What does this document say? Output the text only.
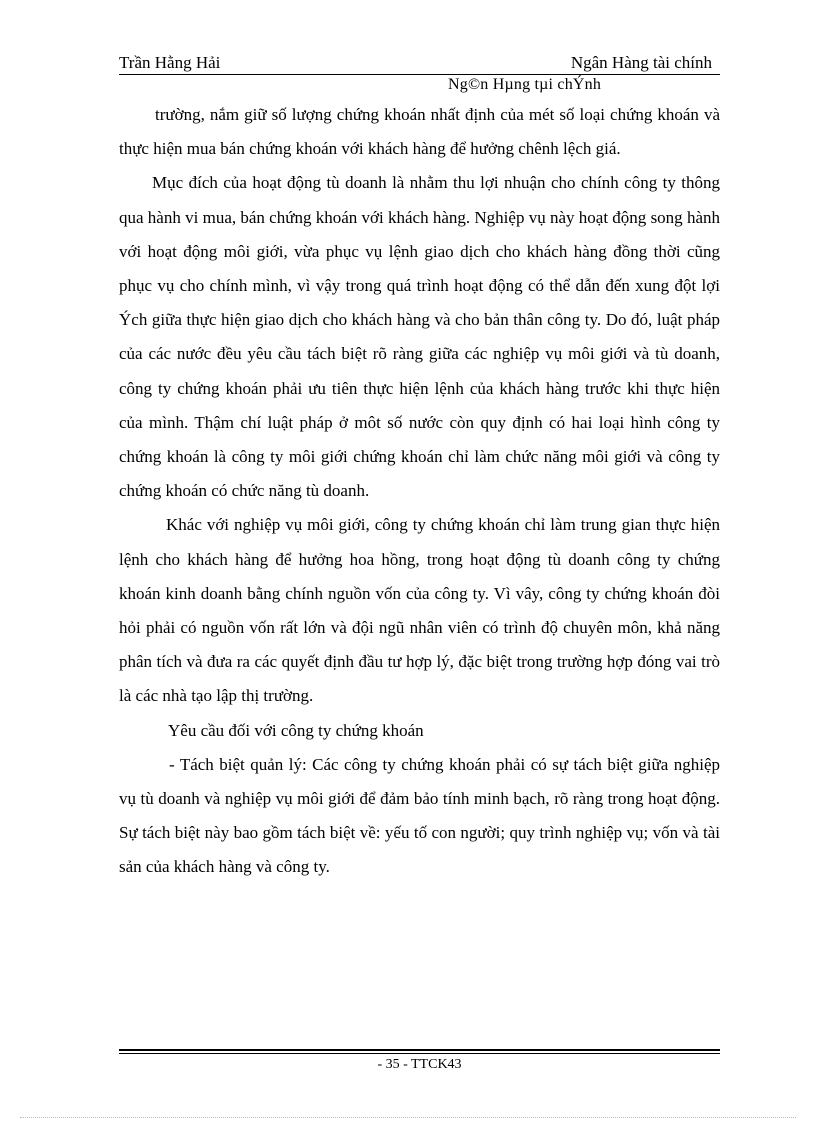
Trần Hằng Hải	Ngân Hàng tài chính
Ng©n Hµng tµi chÝnh

trường, nắm giữ số lượng chứng khoán nhất định của mét số loại chứng khoán và thực hiện mua bán chứng khoán với khách hàng để hưởng chênh lệch giá.

Mục đích của hoạt động tù doanh là nhằm thu lợi nhuận cho chính công ty thông qua hành vi mua, bán chứng khoán với khách hàng. Nghiệp vụ này hoạt động song hành với hoạt động môi giới, vừa phục vụ lệnh giao dịch cho khách hàng đồng thời cũng phục vụ cho chính mình, vì vậy trong quá trình hoạt động có thể dẫn đến xung đột lợi Ých giữa thực hiện giao dịch cho khách hàng và cho bản thân công ty. Do đó, luật pháp của các nước đều yêu cầu tách biệt rõ ràng giữa các nghiệp vụ môi giới và tù doanh, công ty chứng khoán phải ưu tiên thực hiện lệnh của khách hàng trước khi thực hiện của mình. Thậm chí luật pháp ở môt số nước còn quy định có hai loại hình công ty chứng khoán là công ty môi giới chứng khoán chỉ làm chức năng môi giới và công ty chứng khoán có chức năng tù doanh.

Khác với nghiệp vụ môi giới, công ty chứng khoán chỉ làm trung gian thực hiện lệnh cho khách hàng để hưởng hoa hồng, trong hoạt động tù doanh công ty chứng khoán kinh doanh bằng chính nguồn vốn của công ty. Vì vây, công ty chứng khoán đòi hỏi phải có nguồn vốn rất lớn và đội ngũ nhân viên có trình độ chuyên môn, khả năng phân tích và đưa ra các quyết định đầu tư hợp lý, đặc biệt trong trường hợp đóng vai trò là các nhà tạo lập thị trường.

Yêu cầu đối với công ty chứng khoán

- Tách biệt quản lý: Các công ty chứng khoán phải có sự tách biệt giữa nghiệp vụ tù doanh và nghiệp vụ môi giới để đảm bảo tính minh bạch, rõ ràng trong hoạt động. Sự tách biệt này bao gồm tách biệt về: yếu tố con người; quy trình nghiệp vụ; vốn và tài sản của khách hàng và công ty.

- 35 - TTCK43
